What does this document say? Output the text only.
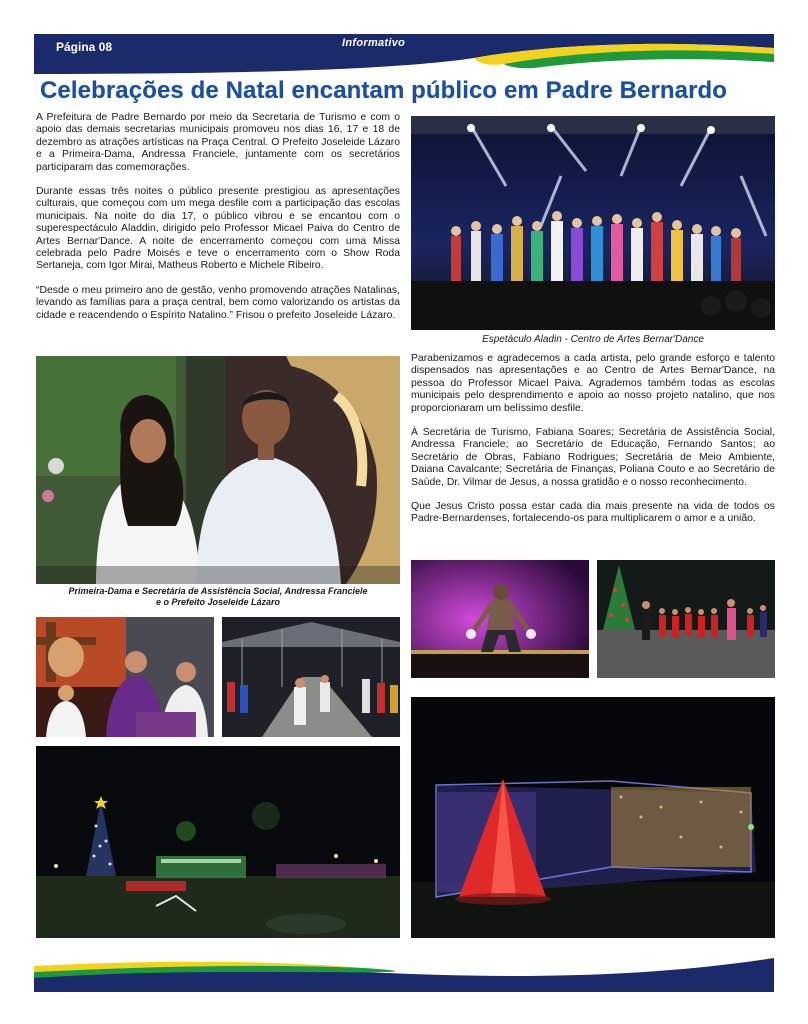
Página 08	Informativo
Celebrações de Natal encantam público em Padre Bernardo

A Prefeitura de Padre Bernardo por meio da Secretaria de Turismo e com o apoio das demais secretarias municipais promoveu nos dias 16, 17 e 18 de dezembro as atrações artísticas na Praça Central. O Prefeito Joseleide Lázaro e a Primeira-Dama, Andressa Franciele, juntamente com os secretários participaram das comemorações.

Durante essas três noites o público presente prestigiou as apresentações culturais, que começou com um mega desfile com a participação das escolas municipais. Na noite do dia 17, o público vibrou e se encantou com o superespectáculo Aladdin, dirigido pelo Professor Micael Paiva do Centro de Artes Bernar'Dance. A noite de encerramento começou com uma Missa celebrada pelo Padre Moisés e teve o encerramento com o Show Roda Sertaneja, com Igor Mirai, Matheus Roberto e Michele Ribeiro.

“Desde o meu primeiro ano de gestão, venho promovendo atrações Natalinas, levando as famílias para a praça central, bem como valorizando os artistas da cidade e reacendendo o Espírito Natalino.” Frisou o prefeito Joseleide Lázaro.

Espetáculo Aladin - Centro de Artes Bernar'Dance

Parabenizamos e agradecemos a cada artista, pelo grande esforço e talento dispensados nas apresentações e ao Centro de Artes Bernar'Dance, na pessoa do Professor Micael Paiva. Agrademos também todas as escolas municipais pelo desprendimento e apoio ao nosso projeto natalino, que nos proporcionaram um belíssimo desfile.

À Secretária de Turismo, Fabiana Soares; Secretária de Assistência Social, Andressa Franciele; ao Secretário de Educação, Fernando Santos; ao Secretário de Obras, Fabiano Rodrigues; Secretária de Meio Ambiente, Daiana Cavalcante; Secretária de Finanças, Poliana Couto e ao Secretário de Saúde, Dr. Vilmar de Jesus, a nossa gratidão e o nosso reconhecimento.

Que Jesus Cristo possa estar cada dia mais presente na vida de todos os Padre-Bernardenses, fortalecendo-os para multiplicarem o amor e a união.

Primeira-Dama e Secretária de Assistência Social, Andressa Franciele
e o Prefeito Joseleide Lázaro
